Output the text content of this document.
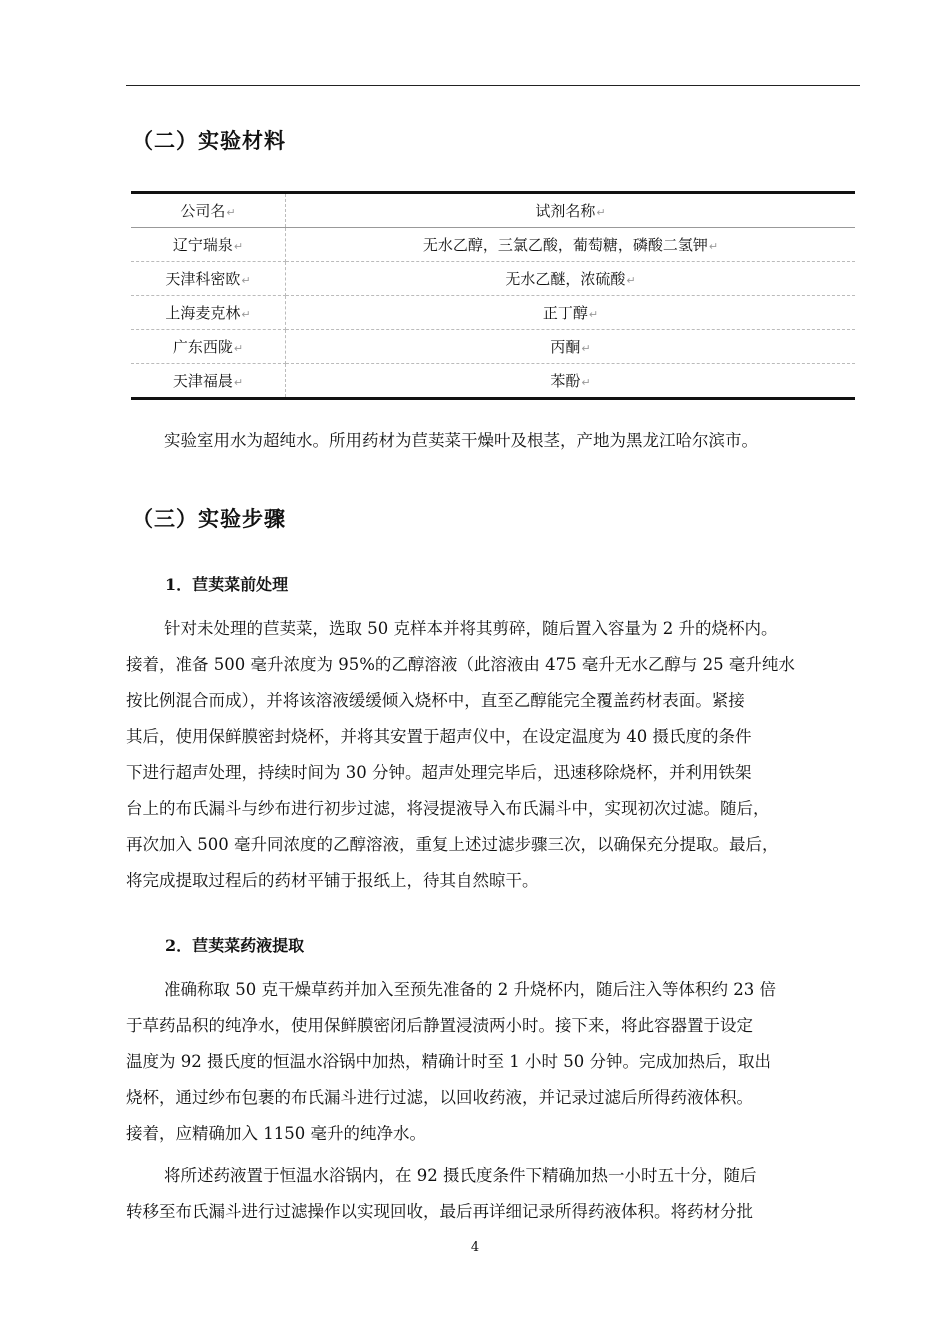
（二）实验材料
公司名↵	试剂名称↵
辽宁瑞泉↵	无水乙醇，三氯乙酸，葡萄糖，磷酸二氢钾↵
天津科密欧↵	无水乙醚，浓硫酸↵
上海麦克林↵	正丁醇↵
广东西陇↵	丙酮↵
天津福晨↵	苯酚↵

实验室用水为超纯水。所用药材为苣荬菜干燥叶及根茎，产地为黑龙江哈尔滨市。

（三）实验步骤
1．苣荬菜前处理

针对未处理的苣荬菜，选取 50 克样本并将其剪碎，随后置入容量为 2 升的烧杯内。
接着，准备 500 毫升浓度为 95%的乙醇溶液（此溶液由 475 毫升无水乙醇与 25 毫升纯水
按比例混合而成），并将该溶液缓缓倾入烧杯中，直至乙醇能完全覆盖药材表面。紧接
其后，使用保鲜膜密封烧杯，并将其安置于超声仪中，在设定温度为 40 摄氏度的条件
下进行超声处理，持续时间为 30 分钟。超声处理完毕后，迅速移除烧杯，并利用铁架
台上的布氏漏斗与纱布进行初步过滤，将浸提液导入布氏漏斗中，实现初次过滤。随后，
再次加入 500 毫升同浓度的乙醇溶液，重复上述过滤步骤三次，以确保充分提取。最后，
将完成提取过程后的药材平铺于报纸上，待其自然晾干。

2．苣荬菜药液提取

准确称取 50 克干燥草药并加入至预先准备的 2 升烧杯内，随后注入等体积约 23 倍
于草药品积的纯净水，使用保鲜膜密闭后静置浸渍两小时。接下来，将此容器置于设定
温度为 92 摄氏度的恒温水浴锅中加热，精确计时至 1 小时 50 分钟。完成加热后，取出
烧杯，通过纱布包裹的布氏漏斗进行过滤，以回收药液，并记录过滤后所得药液体积。
接着，应精确加入 1150 毫升的纯净水。

将所述药液置于恒温水浴锅内，在 92 摄氏度条件下精确加热一小时五十分，随后
转移至布氏漏斗进行过滤操作以实现回收，最后再详细记录所得药液体积。将药材分批

4
